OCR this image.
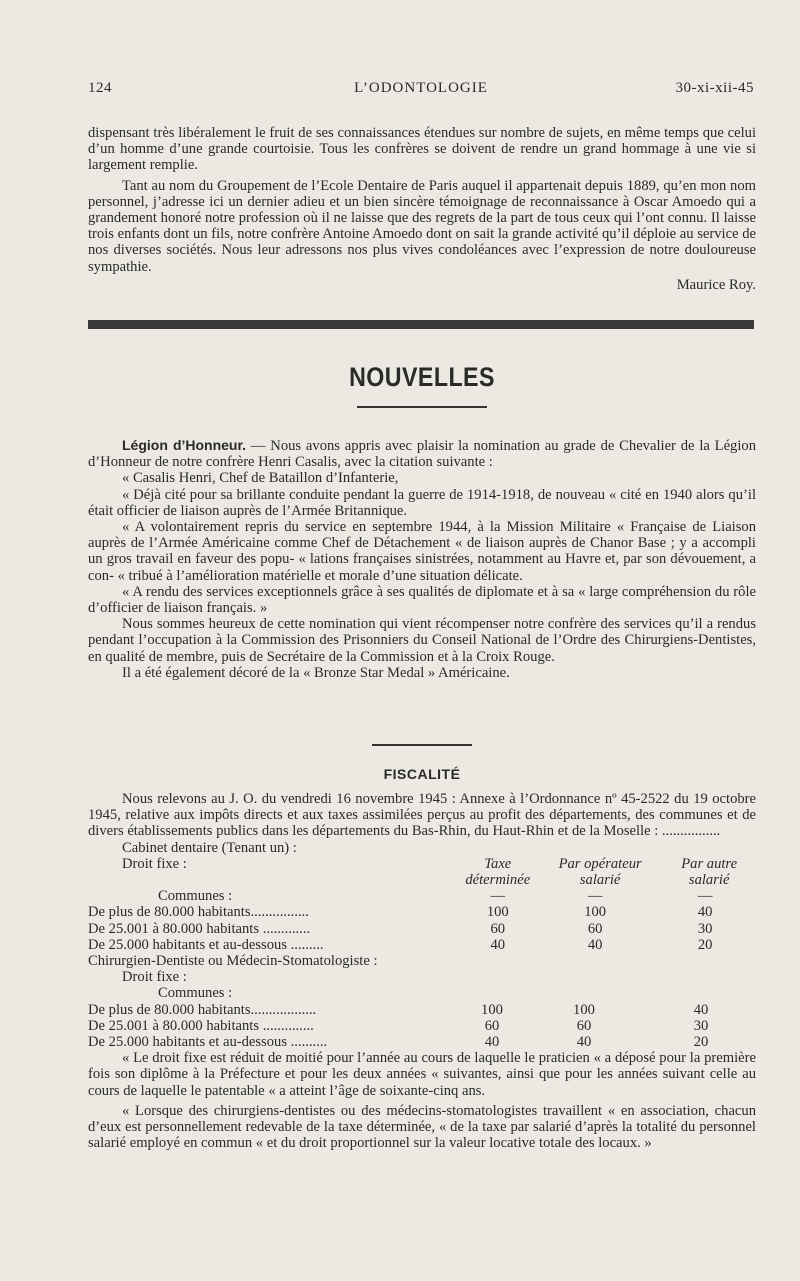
124	L’ODONTOLOGIE	30-xi-xii-45

dispensant très libéralement le fruit de ses connaissances étendues sur nombre de sujets, en même temps que celui d’un homme d’une grande courtoisie. Tous les confrères se doivent de rendre un grand hommage à une vie si largement remplie.

Tant au nom du Groupement de l’Ecole Dentaire de Paris auquel il appartenait depuis 1889, qu’en mon nom personnel, j’adresse ici un dernier adieu et un bien sincère témoignage de reconnaissance à Oscar Amoedo qui a grandement honoré notre profession où il ne laisse que des regrets de la part de tous ceux qui l’ont connu. Il laisse trois enfants dont un fils, notre confrère Antoine Amoedo dont on sait la grande activité qu’il déploie au service de nos diverses sociétés. Nous leur adressons nos plus vives condoléances avec l’expression de notre douloureuse sympathie.

Maurice Roy.

NOUVELLES

Légion d’Honneur. — Nous avons appris avec plaisir la nomination au grade de Chevalier de la Légion d’Honneur de notre confrère Henri Casalis, avec la citation suivante :

« Casalis Henri, Chef de Bataillon d’Infanterie,

« Déjà cité pour sa brillante conduite pendant la guerre de 1914-1918, de nouveau « cité en 1940 alors qu’il était officier de liaison auprès de l’Armée Britannique.

« A volontairement repris du service en septembre 1944, à la Mission Militaire « Française de Liaison auprès de l’Armée Américaine comme Chef de Détachement « de liaison auprès de Chanor Base ; y a accompli un gros travail en faveur des popu- « lations françaises sinistrées, notamment au Havre et, par son dévouement, a con- « tribué à l’amélioration matérielle et morale d’une situation délicate.

« A rendu des services exceptionnels grâce à ses qualités de diplomate et à sa « large compréhension du rôle d’officier de liaison français. »

Nous sommes heureux de cette nomination qui vient récompenser notre confrère des services qu’il a rendus pendant l’occupation à la Commission des Prisonniers du Conseil National de l’Ordre des Chirurgiens-Dentistes, en qualité de membre, puis de Secrétaire de la Commission et à la Croix Rouge.

Il a été également décoré de la « Bronze Star Medal » Américaine.

FISCALITÉ

Nous relevons au J. O. du vendredi 16 novembre 1945 : Annexe à l’Ordonnance nº 45-2522 du 19 octobre 1945, relative aux impôts directs et aux taxes assimilées perçus au profit des départements, des communes et de divers établissements publics dans les départements du Bas-Rhin, du Haut-Rhin et de la Moselle : ................

Cabinet dentaire (Tenant un) :

Droit fixe :	Taxe déterminée	Par opérateur salarié	Par autre salarié
Communes :	—	—	—
De plus de 80.000 habitants................	100	100	40
De 25.001 à 80.000 habitants .............	60	60	30
De 25.000 habitants et au-dessous .........	40	40	20

Chirurgien-Dentiste ou Médecin-Stomatologiste :

Droit fixe :

Communes :

De plus de 80.000 habitants..................	100	100	40
De 25.001 à 80.000 habitants ..............	60	60	30
De 25.000 habitants et au-dessous ..........	40	40	20

« Le droit fixe est réduit de moitié pour l’année au cours de laquelle le praticien « a déposé pour la première fois son diplôme à la Préfecture et pour les deux années « suivantes, ainsi que pour les années suivant celle au cours de laquelle le patentable « a atteint l’âge de soixante-cinq ans.

« Lorsque des chirurgiens-dentistes ou des médecins-stomatologistes travaillent « en association, chacun d’eux est personnellement redevable de la taxe déterminée, « de la taxe par salarié d’après la totalité du personnel salarié employé en commun « et du droit proportionnel sur la valeur locative totale des locaux. »
